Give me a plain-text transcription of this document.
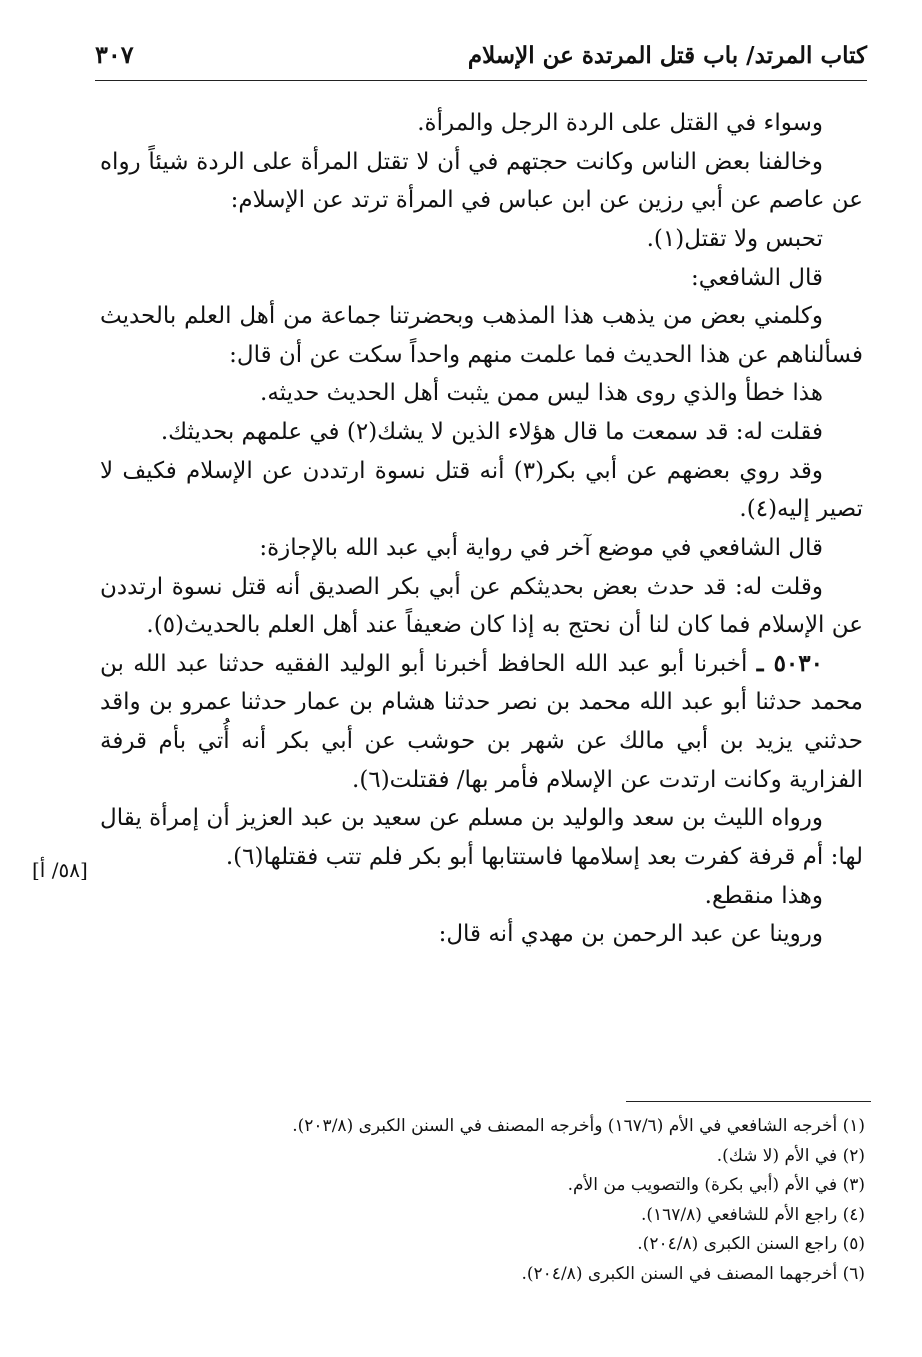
كتاب المرتد/ باب قتل المرتدة عن الإسلام
٣٠٧

وسواء في القتل على الردة الرجل والمرأة.

وخالفنا بعض الناس وكانت حجتهم في أن لا تقتل المرأة على الردة شيئاً رواه عن عاصم عن أبي رزين عن ابن عباس في المرأة ترتد عن الإسلام:

تحبس ولا تقتل(١).

قال الشافعي:

وكلمني بعض من يذهب هذا المذهب وبحضرتنا جماعة من أهل العلم بالحديث فسألناهم عن هذا الحديث فما علمت منهم واحداً سكت عن أن قال:

هذا خطأ والذي روى هذا ليس ممن يثبت أهل الحديث حديثه.

فقلت له: قد سمعت ما قال هؤلاء الذين لا يشك(٢) في علمهم بحديثك.

وقد روي بعضهم عن أبي بكر(٣) أنه قتل نسوة ارتددن عن الإسلام فكيف لا تصير إليه(٤).

قال الشافعي في موضع آخر في رواية أبي عبد الله بالإجازة:

وقلت له: قد حدث بعض بحديثكم عن أبي بكر الصديق أنه قتل نسوة ارتددن عن الإسلام فما كان لنا أن نحتج به إذا كان ضعيفاً عند أهل العلم بالحديث(٥).

٥٠٣٠ ـ أخبرنا أبو عبد الله الحافظ أخبرنا أبو الوليد الفقيه حدثنا عبد الله بن محمد حدثنا أبو عبد الله محمد بن نصر حدثنا هشام بن عمار حدثنا عمرو بن واقد حدثني يزيد بن أبي مالك عن شهر بن حوشب عن أبي بكر أنه أُتي بأم قرفة الفزارية وكانت ارتدت عن الإسلام فأمر بها/ فقتلت(٦).

ورواه الليث بن سعد والوليد بن مسلم عن سعيد بن عبد العزيز أن إمرأة يقال لها: أم قرفة كفرت بعد إسلامها فاستتابها أبو بكر فلم تتب فقتلها(٦).

وهذا منقطع.

وروينا عن عبد الرحمن بن مهدي أنه قال:

[٥٨/ أ]

(١) أخرجه الشافعي في الأم (١٦٧/٦) وأخرجه المصنف في السنن الكبرى (٢٠٣/٨).

(٢) في الأم (لا شك).

(٣) في الأم (أبي بكرة) والتصويب من الأم.

(٤) راجع الأم للشافعي (١٦٧/٨).

(٥) راجع السنن الكبرى (٢٠٤/٨).

(٦) أخرجهما المصنف في السنن الكبرى (٢٠٤/٨).
